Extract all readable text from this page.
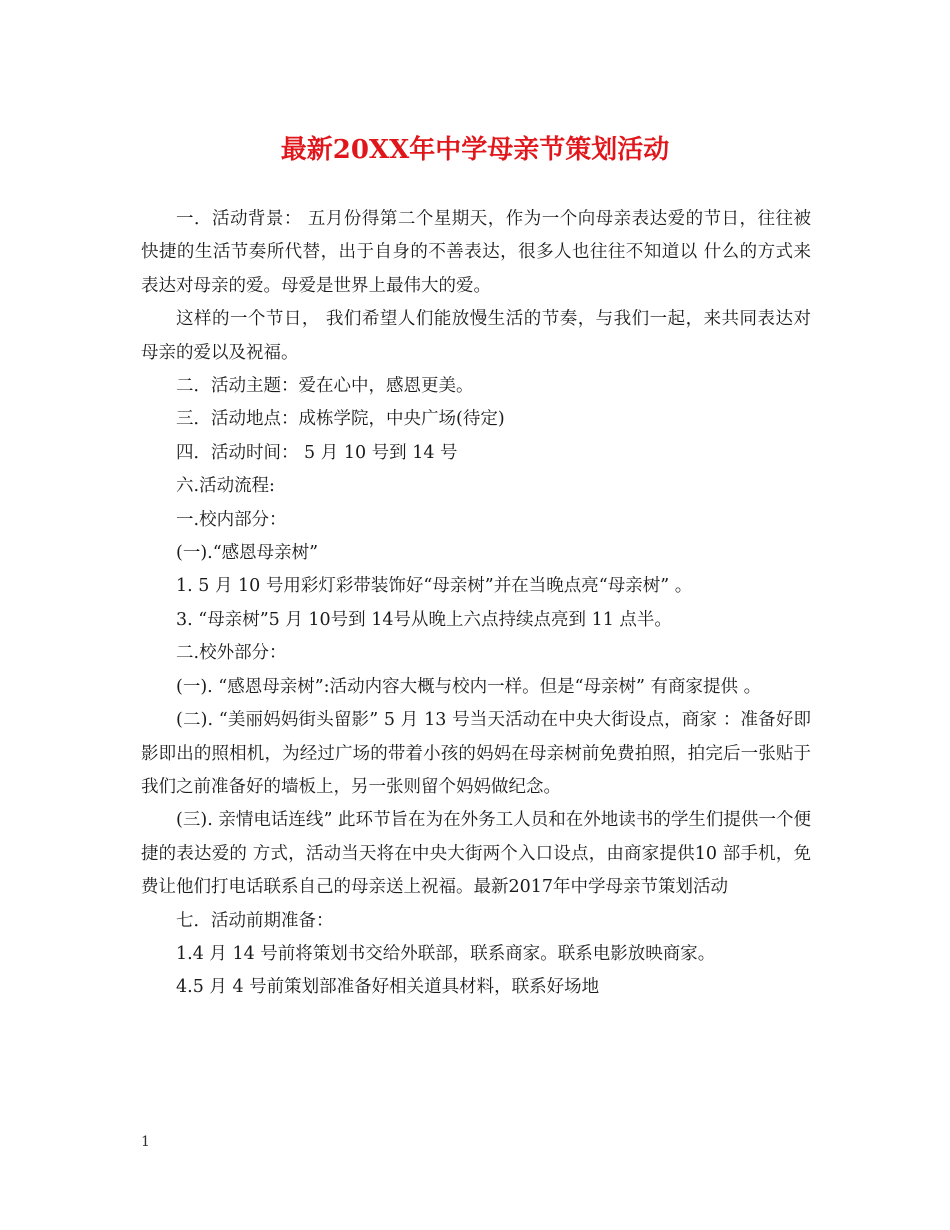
最新20XX年中学母亲节策划活动

一．活动背景： 五月份得第二个星期天，作为一个向母亲表达爱的节日，往往被快捷的生活节奏所代替，出于自身的不善表达，很多人也往往不知道以 什么的方式来表达对母亲的爱。母爱是世界上最伟大的爱。

这样的一个节日， 我们希望人们能放慢生活的节奏，与我们一起，来共同表达对母亲的爱以及祝福。

二．活动主题：爱在心中，感恩更美。

三．活动地点：成栋学院，中央广场(待定)

四．活动时间： 5 月 10 号到 14 号

六.活动流程:

一.校内部分：

(一).“感恩母亲树”

1. 5 月 10 号用彩灯彩带装饰好“母亲树”并在当晚点亮“母亲树” 。

3. “母亲树”5 月 10号到 14号从晚上六点持续点亮到 11 点半。

二.校外部分：

(一). “感恩母亲树”:活动内容大概与校内一样。但是“母亲树” 有商家提供 。

(二). “美丽妈妈街头留影” 5 月 13 号当天活动在中央大街设点，商家 ：准备好即影即出的照相机，为经过广场的带着小孩的妈妈在母亲树前免费拍照，拍完后一张贴于我们之前准备好的墙板上，另一张则留个妈妈做纪念。

(三). 亲情电话连线” 此环节旨在为在外务工人员和在外地读书的学生们提供一个便捷的表达爱的 方式，活动当天将在中央大街两个入口设点，由商家提供10 部手机，免费让他们打电话联系自己的母亲送上祝福。最新2017年中学母亲节策划活动

七．活动前期准备：

1.4 月 14 号前将策划书交给外联部，联系商家。联系电影放映商家。

4.5 月 4 号前策划部准备好相关道具材料，联系好场地

1
